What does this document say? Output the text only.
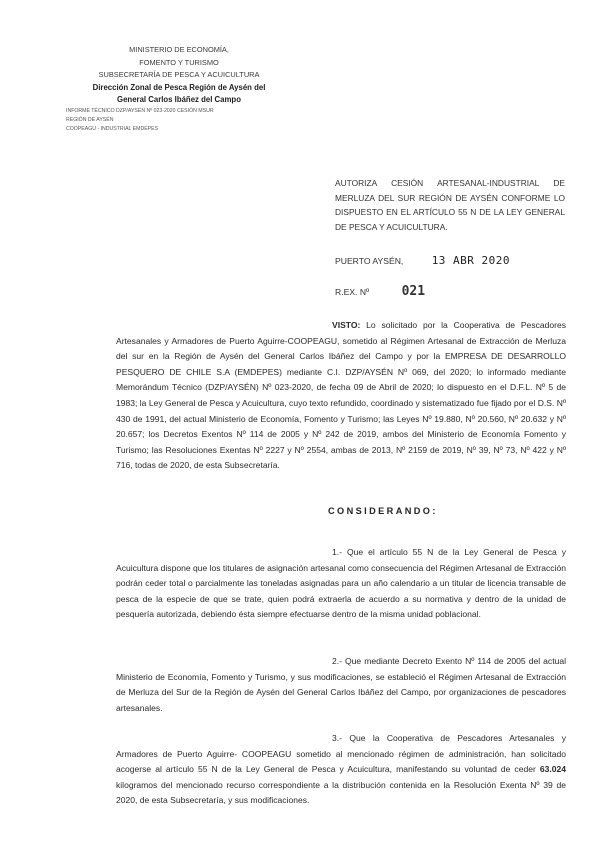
MINISTERIO DE ECONOMÍA,
FOMENTO Y TURISMO
SUBSECRETARÍA DE PESCA Y ACUICULTURA
Dirección Zonal de Pesca Región de Aysén del
General Carlos Ibáñez del Campo
INFORME TÉCNICO DZP/AYSÉN Nº 023-2020 CESIÓN MSUR
REGIÓN DE AYSÉN
COOPEAGU - INDUSTRIAL EMDEPES
AUTORIZA CESIÓN ARTESANAL-INDUSTRIAL DE MERLUZA DEL SUR REGIÓN DE AYSÉN CONFORME LO DISPUESTO EN EL ARTÍCULO 55 N DE LA LEY GENERAL DE PESCA Y ACUICULTURA.
PUERTO AYSÉN,	13 ABR 2020
R.EX. Nº 021
VISTO: Lo solicitado por la Cooperativa de Pescadores Artesanales y Armadores de Puerto Aguirre-COOPEAGU, sometido al Régimen Artesanal de Extracción de Merluza del sur en la Región de Aysén del General Carlos Ibáñez del Campo y por la EMPRESA DE DESARROLLO PESQUERO DE CHILE S.A (EMDEPES) mediante C.I. DZP/AYSÉN Nº 069, del 2020; lo informado mediante Memorándum Técnico (DZP/AYSÉN) Nº 023-2020, de fecha 09 de Abril de 2020; lo dispuesto en el D.F.L. Nº 5 de 1983; la Ley General de Pesca y Acuicultura, cuyo texto refundido, coordinado y sistematizado fue fijado por el D.S. Nº 430 de 1991, del actual Ministerio de Economía, Fomento y Turismo; las Leyes Nº 19.880, Nº 20.560, Nº 20.632 y Nº 20.657; los Decretos Exentos Nº 114 de 2005 y Nº 242 de 2019, ambos del Ministerio de Economía Fomento y Turismo; las Resoluciones Exentas Nº 2227 y Nº 2554, ambas de 2013, Nº 2159 de 2019, Nº 39, Nº 73, Nº 422 y Nº 716, todas de 2020, de esta Subsecretaría.
CONSIDERANDO:
1.- Que el artículo 55 N de la Ley General de Pesca y Acuicultura dispone que los titulares de asignación artesanal como consecuencia del Régimen Artesanal de Extracción podrán ceder total o parcialmente las toneladas asignadas para un año calendario a un titular de licencia transable de pesca de la especie de que se trate, quien podrá extraerla de acuerdo a su normativa y dentro de la unidad de pesquería autorizada, debiendo ésta siempre efectuarse dentro de la misma unidad poblacional.
2.- Que mediante Decreto Exento Nº 114 de 2005 del actual Ministerio de Economía, Fomento y Turismo, y sus modificaciones, se estableció el Régimen Artesanal de Extracción de Merluza del Sur de la Región de Aysén del General Carlos Ibáñez del Campo, por organizaciones de pescadores artesanales.
3.- Que la Cooperativa de Pescadores Artesanales y Armadores de Puerto Aguirre- COOPEAGU sometido al mencionado régimen de administración, han solicitado acogerse al artículo 55 N de la Ley General de Pesca y Acuicultura, manifestando su voluntad de ceder 63.024 kilogramos del mencionado recurso correspondiente a la distribución contenida en la Resolución Exenta Nº 39 de 2020, de esta Subsecretaría, y sus modificaciones.
